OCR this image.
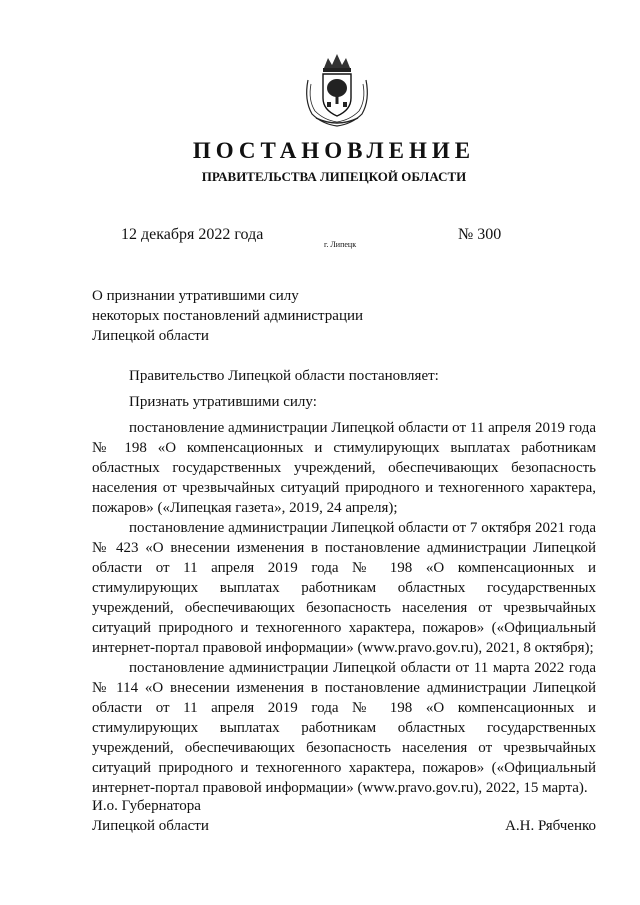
ПОСТАНОВЛЕНИЕ
ПРАВИТЕЛЬСТВА ЛИПЕЦКОЙ ОБЛАСТИ
12 декабря 2022 года
г. Липецк
№ 300
О признании утратившими силу
некоторых постановлений администрации
Липецкой области

Правительство Липецкой области постановляет:

Признать утратившими силу:

постановление администрации Липецкой области от 11 апреля 2019 года № 198 «О компенсационных и стимулирующих выплатах работникам областных государственных учреждений, обеспечивающих безопасность населения от чрезвычайных ситуаций природного и техногенного характера, пожаров» («Липецкая газета», 2019, 24 апреля);

постановление администрации Липецкой области от 7 октября 2021 года № 423 «О внесении изменения в постановление администрации Липецкой области от 11 апреля 2019 года № 198 «О компенсационных и стимулирующих выплатах работникам областных государственных учреждений, обеспечивающих безопасность населения от чрезвычайных ситуаций природного и техногенного характера, пожаров» («Официальный интернет-портал правовой информации» (www.pravo.gov.ru), 2021, 8 октября);

постановление администрации Липецкой области от 11 марта 2022 года № 114 «О внесении изменения в постановление администрации Липецкой области от 11 апреля 2019 года № 198 «О компенсационных и стимулирующих выплатах работникам областных государственных учреждений, обеспечивающих безопасность населения от чрезвычайных ситуаций природного и техногенного характера, пожаров» («Официальный интернет-портал правовой информации» (www.pravo.gov.ru), 2022, 15 марта).

И.о. Губернатора
Липецкой области	А.Н. Рябченко
